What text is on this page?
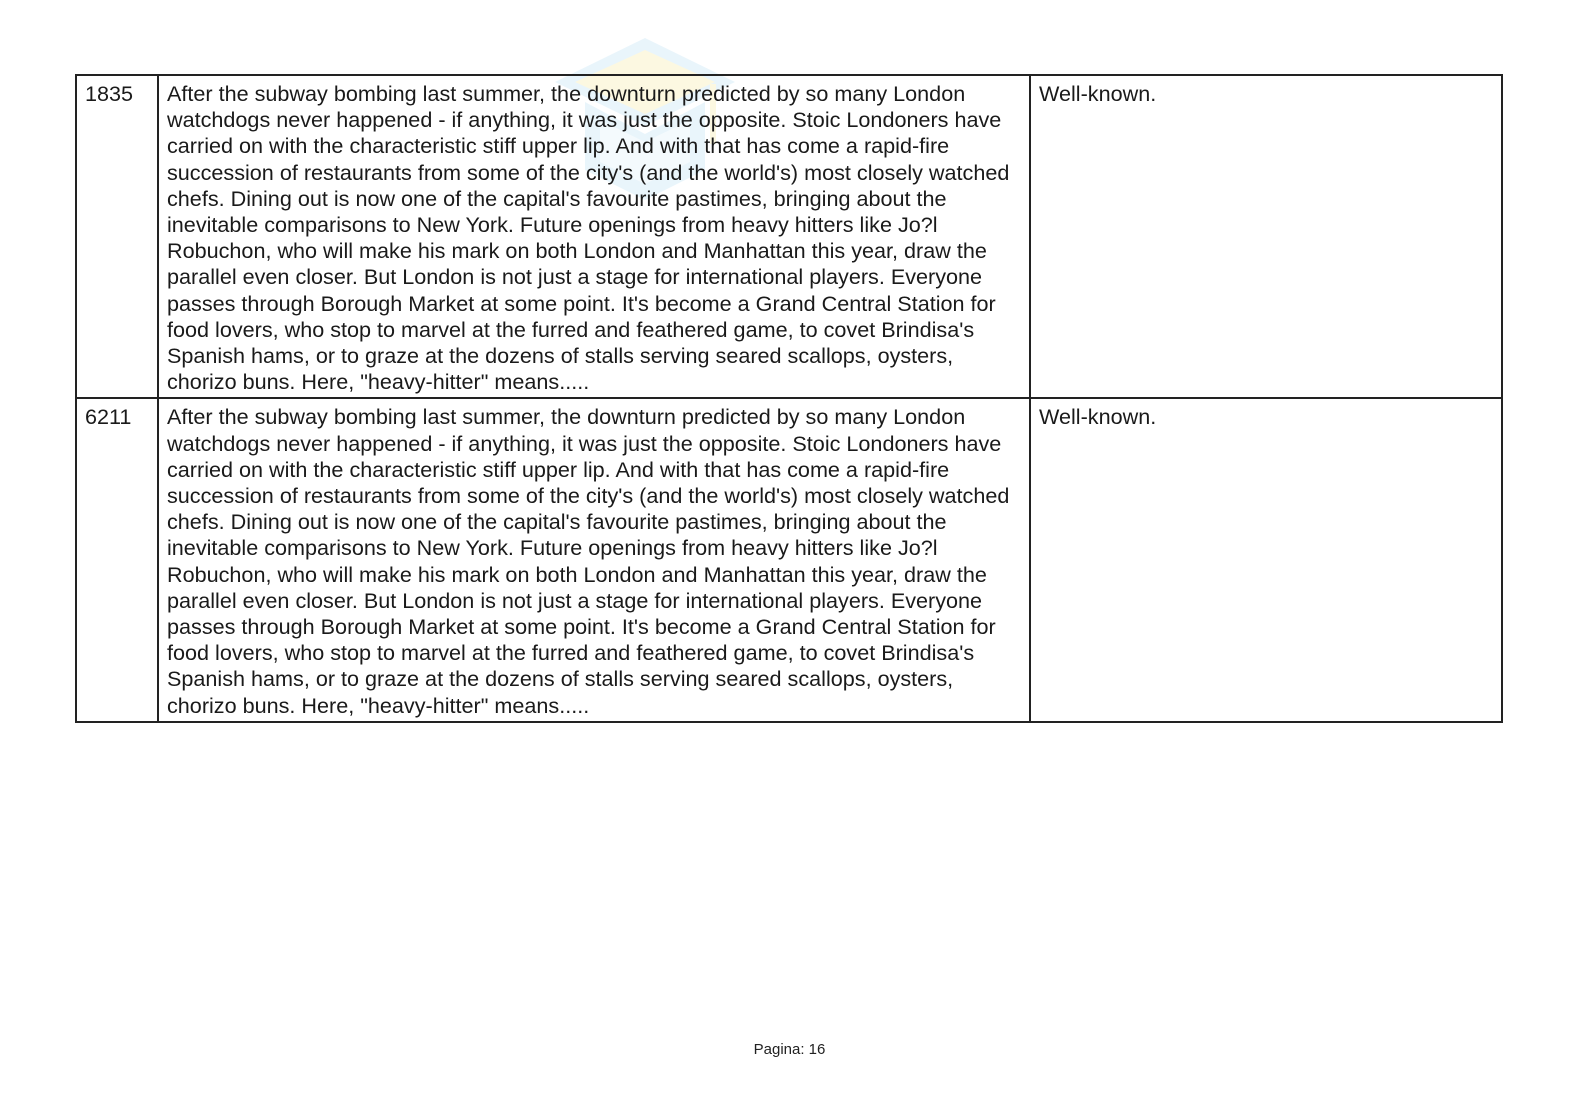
1835	After the subway bombing last summer, the downturn predicted by so many London watchdogs never happened - if anything, it was just the opposite. Stoic Londoners have carried on with the characteristic stiff upper lip. And with that has come a rapid-fire succession of restaurants from some of the city's (and the world's) most closely watched chefs. Dining out is now one of the capital's favourite pastimes, bringing about the inevitable comparisons to New York. Future openings from heavy hitters like Jo?l Robuchon, who will make his mark on both London and Manhattan this year, draw the parallel even closer. But London is not just a stage for international players. Everyone passes through Borough Market at some point. It's become a Grand Central Station for food lovers, who stop to marvel at the furred and feathered game, to covet Brindisa's Spanish hams, or to graze at the dozens of stalls serving seared scallops, oysters, chorizo buns. Here, "heavy-hitter" means.....	Well-known.
6211	After the subway bombing last summer, the downturn predicted by so many London watchdogs never happened - if anything, it was just the opposite. Stoic Londoners have carried on with the characteristic stiff upper lip. And with that has come a rapid-fire succession of restaurants from some of the city's (and the world's) most closely watched chefs. Dining out is now one of the capital's favourite pastimes, bringing about the inevitable comparisons to New York. Future openings from heavy hitters like Jo?l Robuchon, who will make his mark on both London and Manhattan this year, draw the parallel even closer. But London is not just a stage for international players. Everyone passes through Borough Market at some point. It's become a Grand Central Station for food lovers, who stop to marvel at the furred and feathered game, to covet Brindisa's Spanish hams, or to graze at the dozens of stalls serving seared scallops, oysters, chorizo buns. Here, "heavy-hitter" means.....	Well-known.
Pagina: 16
